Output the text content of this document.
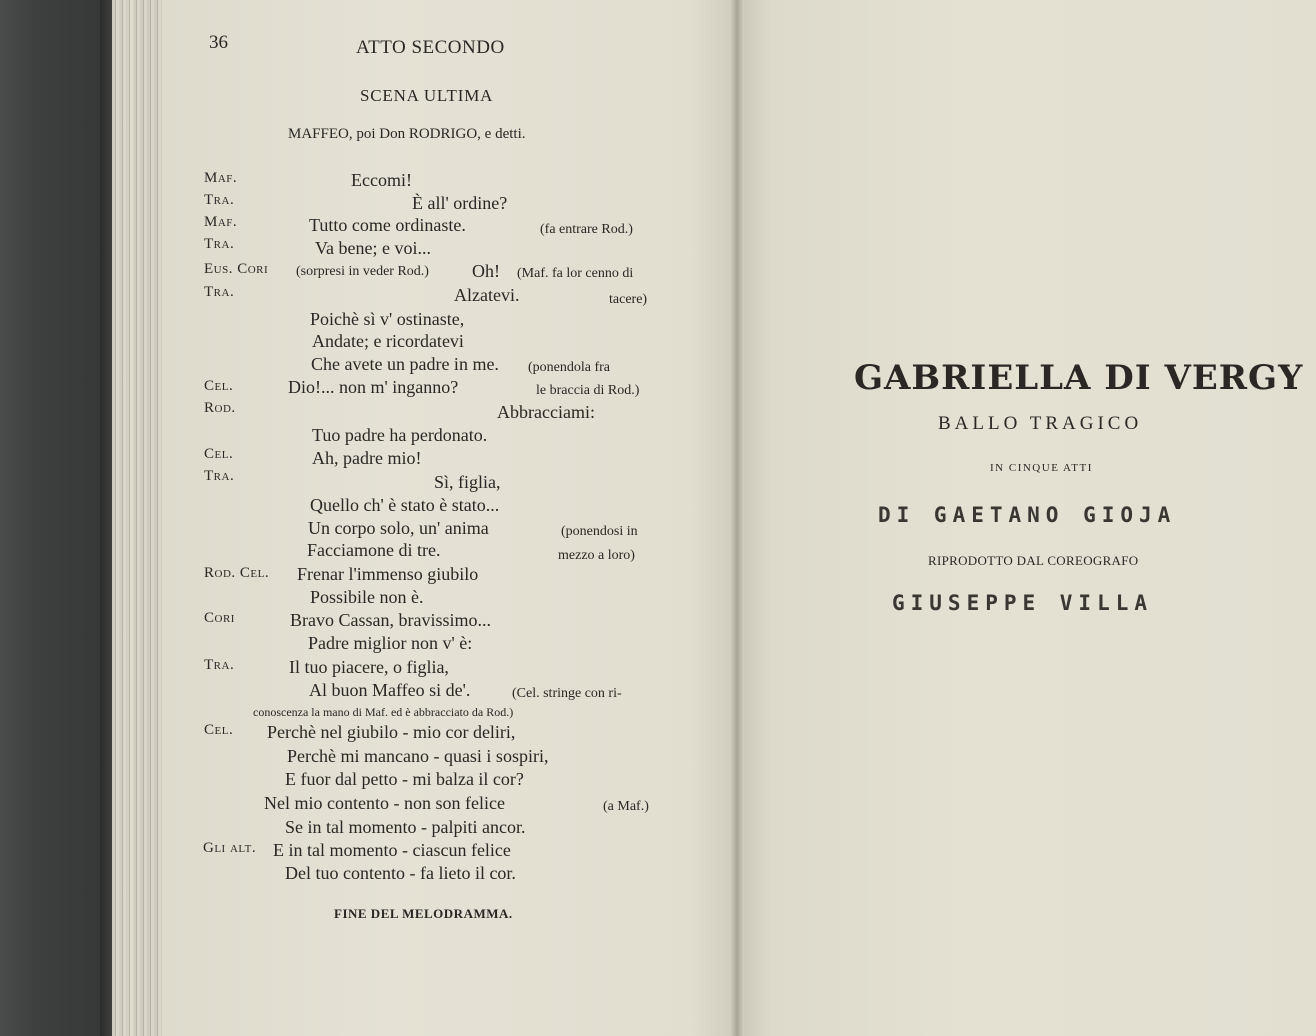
36	ATTO SECONDO
SCENA ULTIMA
MAFFEO, poi Don RODRIGO, e detti.
Maf.
Tra.
Maf.
Tra.
Eus. Cori
Tra.
Cel.
Rod.
Cel.
Tra.
Rod. Cel.
Cori
Tra.
Cel.
Gli alt.
Eccomi!
È all' ordine?
Tutto come ordinaste.
Va bene; e voi...
Oh!
Alzatevi.
Poichè sì v' ostinaste,
Andate; e ricordatevi
Che avete un padre in me.
Dio!... non m' inganno?
Abbracciami:
Tuo padre ha perdonato.
Ah, padre mio!
Sì, figlia,
Quello ch' è stato è stato...
Un corpo solo, un' anima
Facciamone di tre.
Frenar l'immenso giubilo
Possibile non è.
Bravo Cassan, bravissimo...
Padre miglior non v' è:
Il tuo piacere, o figlia,
Al buon Maffeo si de'.
Perchè nel giubilo - mio cor deliri,
Perchè mi mancano - quasi i sospiri,
E fuor dal petto - mi balza il cor?
Nel mio contento - non son felice
Se in tal momento - palpiti ancor.
E in tal momento - ciascun felice
Del tuo contento - fa lieto il cor.
(fa entrare Rod.)
(sorpresi in veder Rod.)	(Maf. fa lor cenno di
tacere)
(ponendola fra
le braccia di Rod.)
(ponendosi in
mezzo a loro)
(Cel. stringe con ri-
conoscenza la mano di Maf. ed è abbracciato da Rod.)
(a Maf.)
FINE DEL MELODRAMMA.
GABRIELLA DI VERGY
BALLO TRAGICO
IN CINQUE ATTI
DI GAETANO GIOJA
RIPRODOTTO DAL COREOGRAFO
GIUSEPPE VILLA
